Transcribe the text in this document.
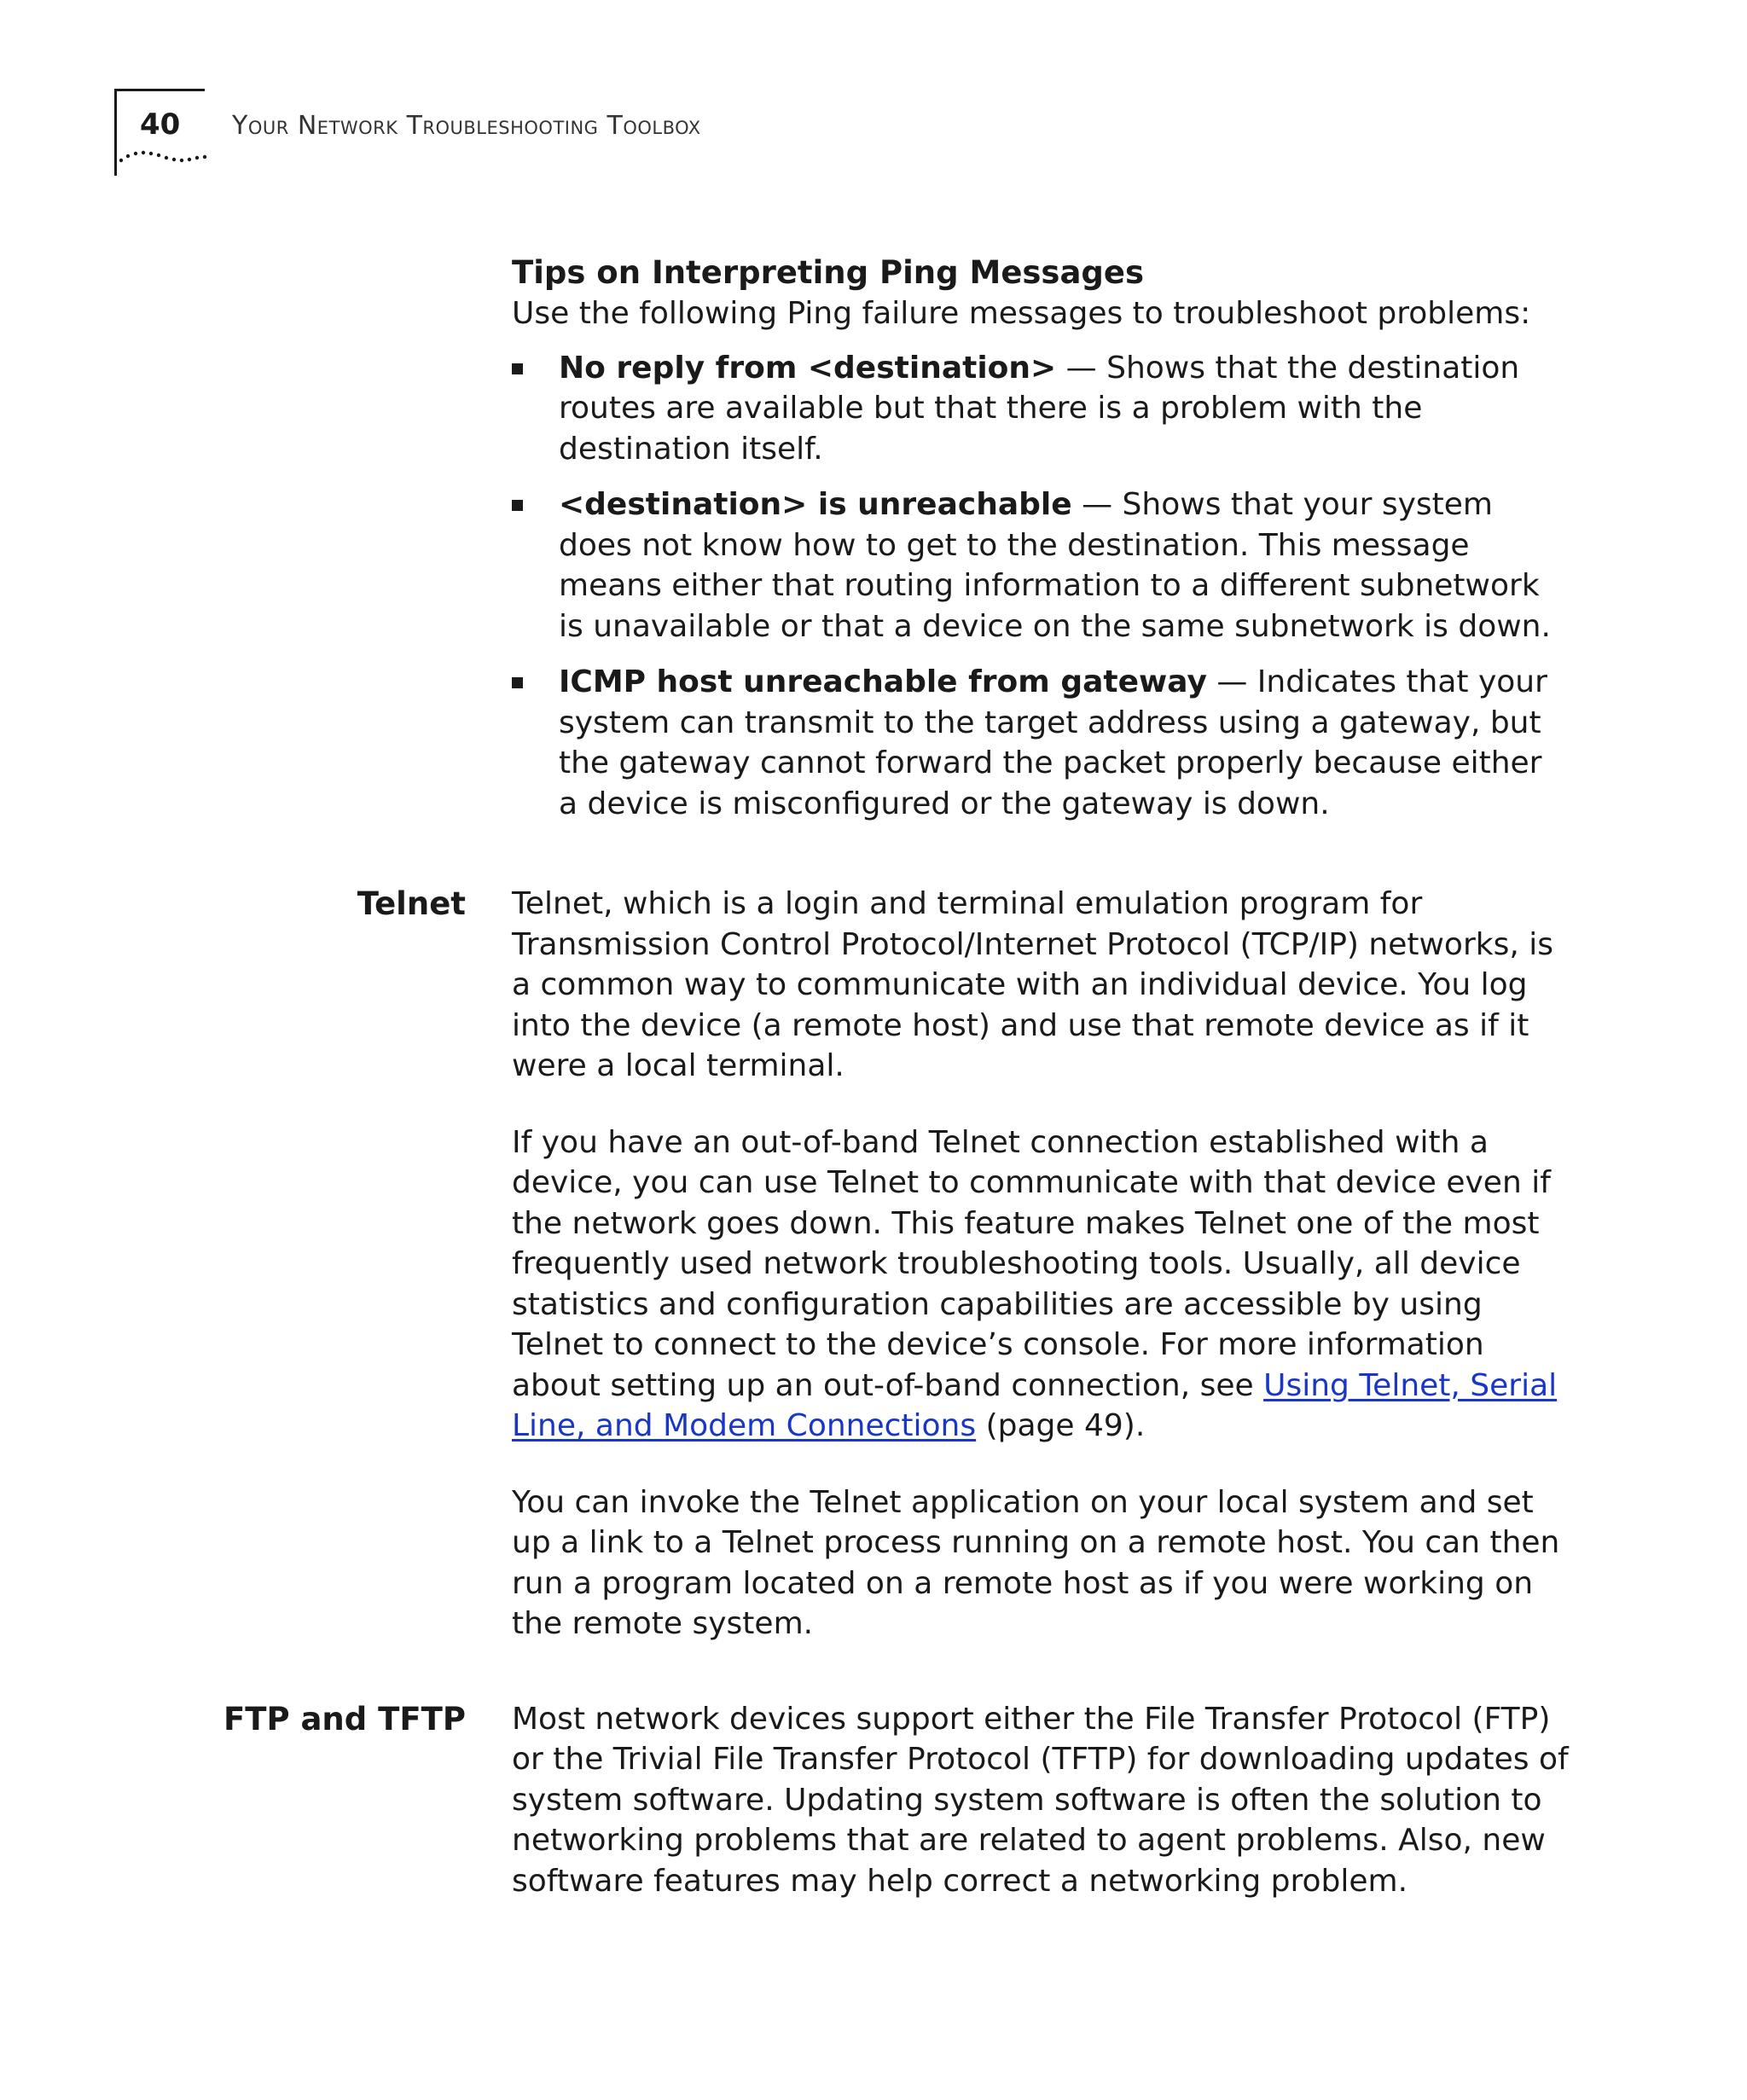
40 Your Network Troubleshooting Toolbox

Tips on Interpreting Ping Messages

Use the following Ping failure messages to troubleshoot problems:

No reply from <destination> — Shows that the destination routes are available but that there is a problem with the destination itself.
<destination> is unreachable — Shows that your system does not know how to get to the destination. This message means either that routing information to a different subnetwork is unavailable or that a device on the same subnetwork is down.
ICMP host unreachable from gateway — Indicates that your system can transmit to the target address using a gateway, but the gateway cannot forward the packet properly because either a device is misconfigured or the gateway is down.
Telnet Telnet, which is a login and terminal emulation program for Transmission Control Protocol/Internet Protocol (TCP/IP) networks, is a common way to communicate with an individual device. You log into the device (a remote host) and use that remote device as if it were a local terminal.

If you have an out-of-band Telnet connection established with a device, you can use Telnet to communicate with that device even if the network goes down. This feature makes Telnet one of the most frequently used network troubleshooting tools. Usually, all device statistics and configuration capabilities are accessible by using Telnet to connect to the device’s console. For more information about setting up an out-of-band connection, see Using Telnet, Serial Line, and Modem Connections (page 49).

You can invoke the Telnet application on your local system and set up a link to a Telnet process running on a remote host. You can then run a program located on a remote host as if you were working on the remote system.

FTP and TFTP Most network devices support either the File Transfer Protocol (FTP) or the Trivial File Transfer Protocol (TFTP) for downloading updates of system software. Updating system software is often the solution to networking problems that are related to agent problems. Also, new software features may help correct a networking problem.
